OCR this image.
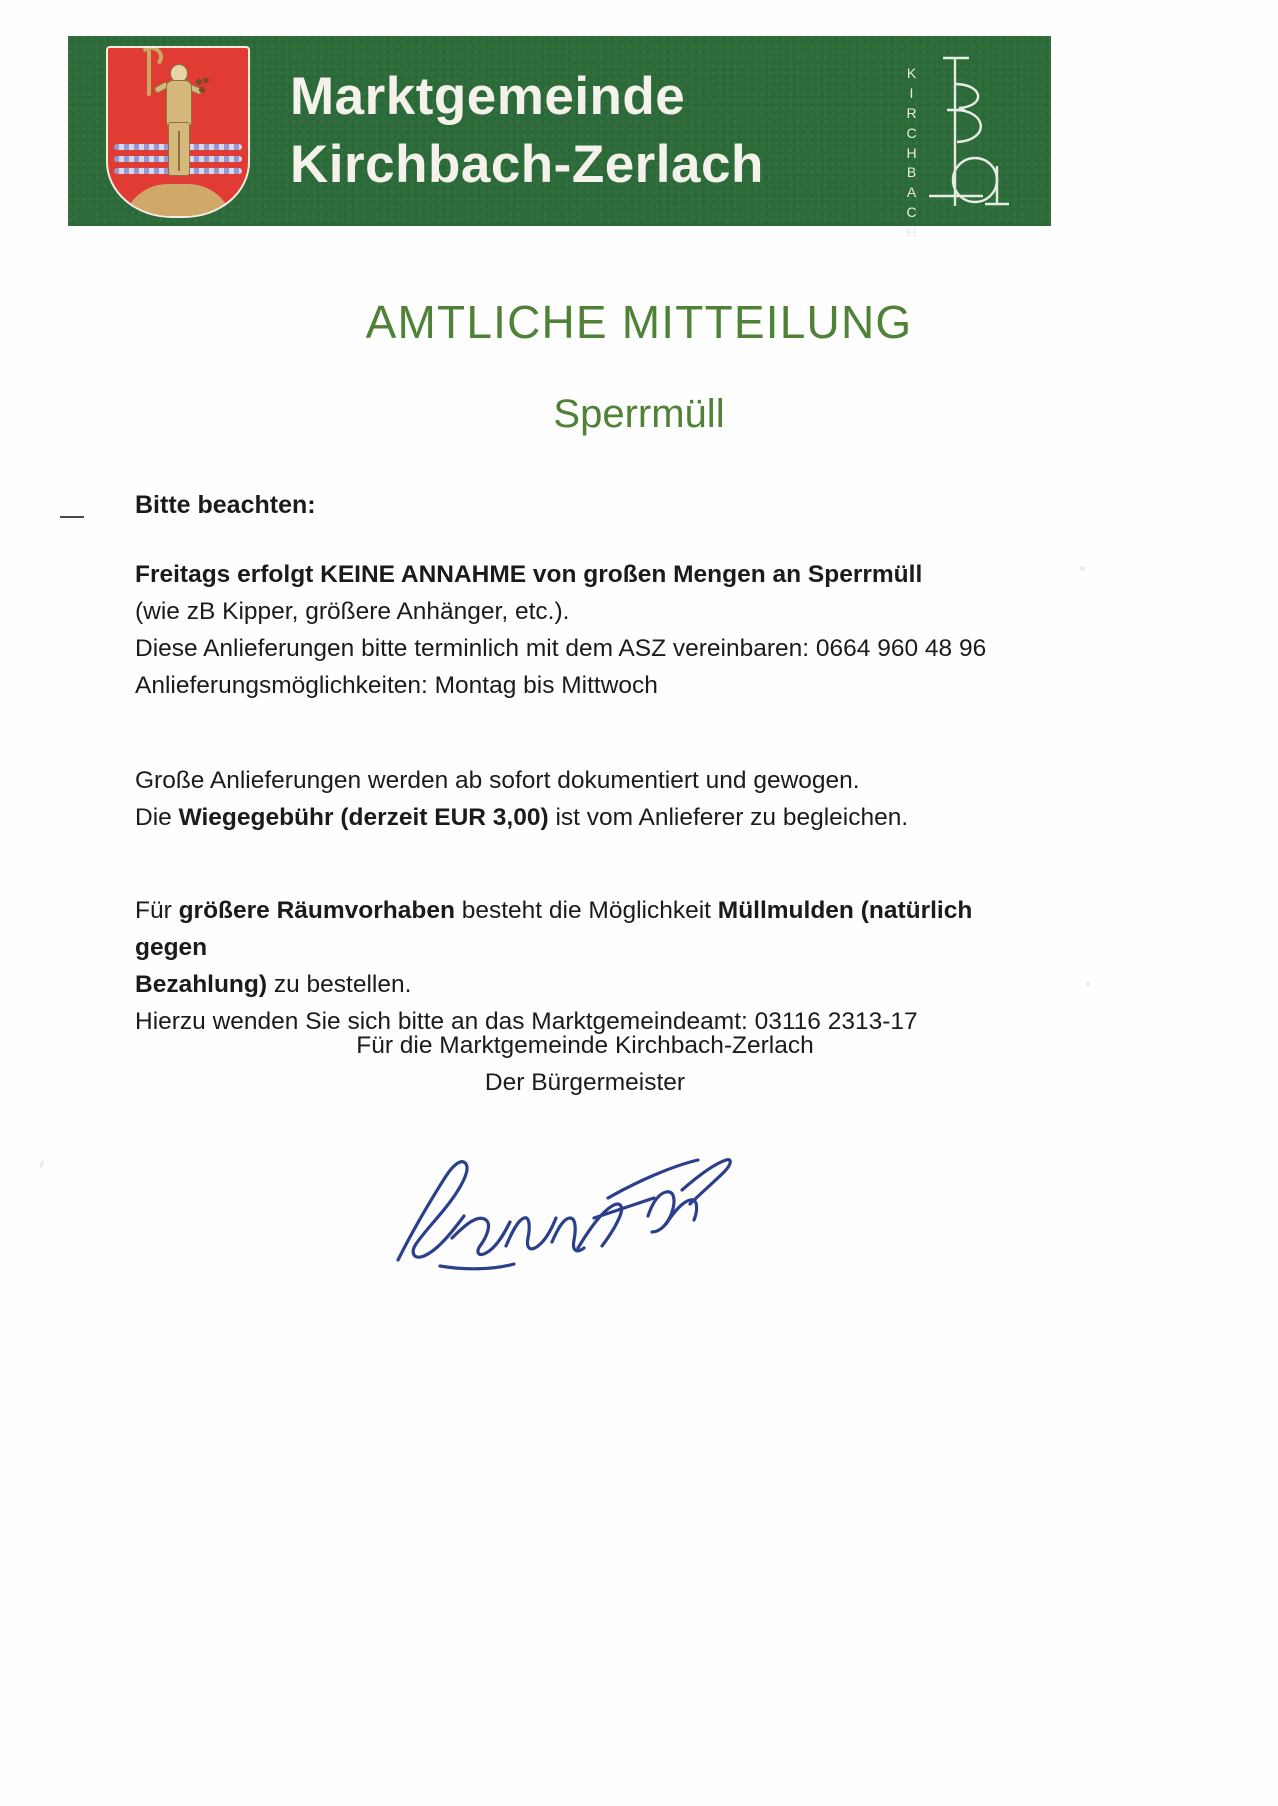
Marktgemeinde
Kirchbach-Zerlach
K
I
R
C
H
B
A
C
H
AMTLICHE MITTEILUNG
Sperrmüll
Bitte beachten:
Freitags erfolgt KEINE ANNAHME von großen Mengen an Sperrmüll
(wie zB Kipper, größere Anhänger, etc.).
Diese Anlieferungen bitte terminlich mit dem ASZ vereinbaren: 0664 960 48 96
Anlieferungsmöglichkeiten: Montag bis Mittwoch
Große Anlieferungen werden ab sofort dokumentiert und gewogen.
Die Wiegegebühr (derzeit EUR 3,00) ist vom Anlieferer zu begleichen.
Für größere Räumvorhaben besteht die Möglichkeit Müllmulden (natürlich gegen
Bezahlung) zu bestellen.
Hierzu wenden Sie sich bitte an das Marktgemeindeamt: 03116 2313-17
Für die Marktgemeinde Kirchbach-Zerlach
Der Bürgermeister
